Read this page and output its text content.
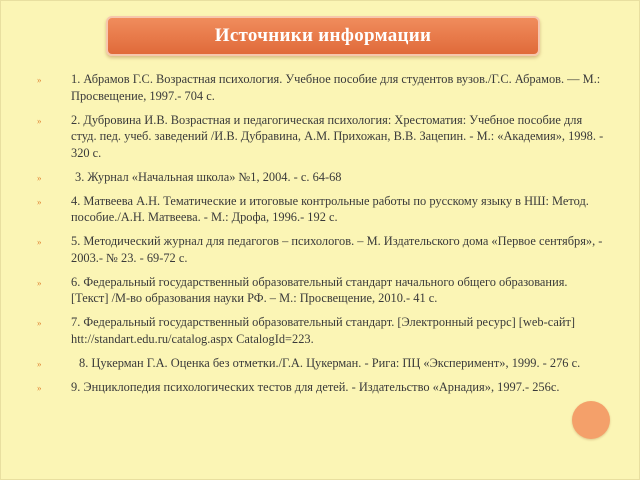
Источники информации
» 1. Абрамов Г.С. Возрастная психология. Учебное пособие для студентов вузов./Г.С. Абрамов. — М.: Просвещение, 1997.- 704 с.
» 2. Дубровина И.В. Возрастная и педагогическая психология: Хрестоматия: Учебное пособие для студ. пед. учеб. заведений /И.В. Дубравина, А.М. Прихожан, В.В. Зацепин. - М.: «Академия», 1998. - 320 с.
»	3. Журнал «Начальная школа» №1, 2004. - с. 64-68
» 4. Матвеева А.Н. Тематические и итоговые контрольные работы по русскому языку в НШ: Метод. пособие./А.Н. Матвеева. - М.: Дрофа, 1996.- 192 с.
» 5. Методический журнал для педагогов – психологов. – М. Издательского дома «Первое сентября», - 2003.- № 23. - 69-72 с.
» 6. Федеральный государственный образовательный стандарт начального общего образования. [Текст] /М-во образования науки РФ. – М.: Просвещение, 2010.- 41 с.
» 7. Федеральный государственный образовательный стандарт. [Электронный ресурс] [web-сайт] htt://standart.edu.ru/catalog.aspx CatalogId=223.
»	8. Цукерман Г.А. Оценка без отметки./Г.А. Цукерман. - Рига: ПЦ «Эксперимент», 1999. - 276 с.
» 9. Энциклопедия психологических тестов для детей. - Издательство «Арнадия», 1997.- 256с.
